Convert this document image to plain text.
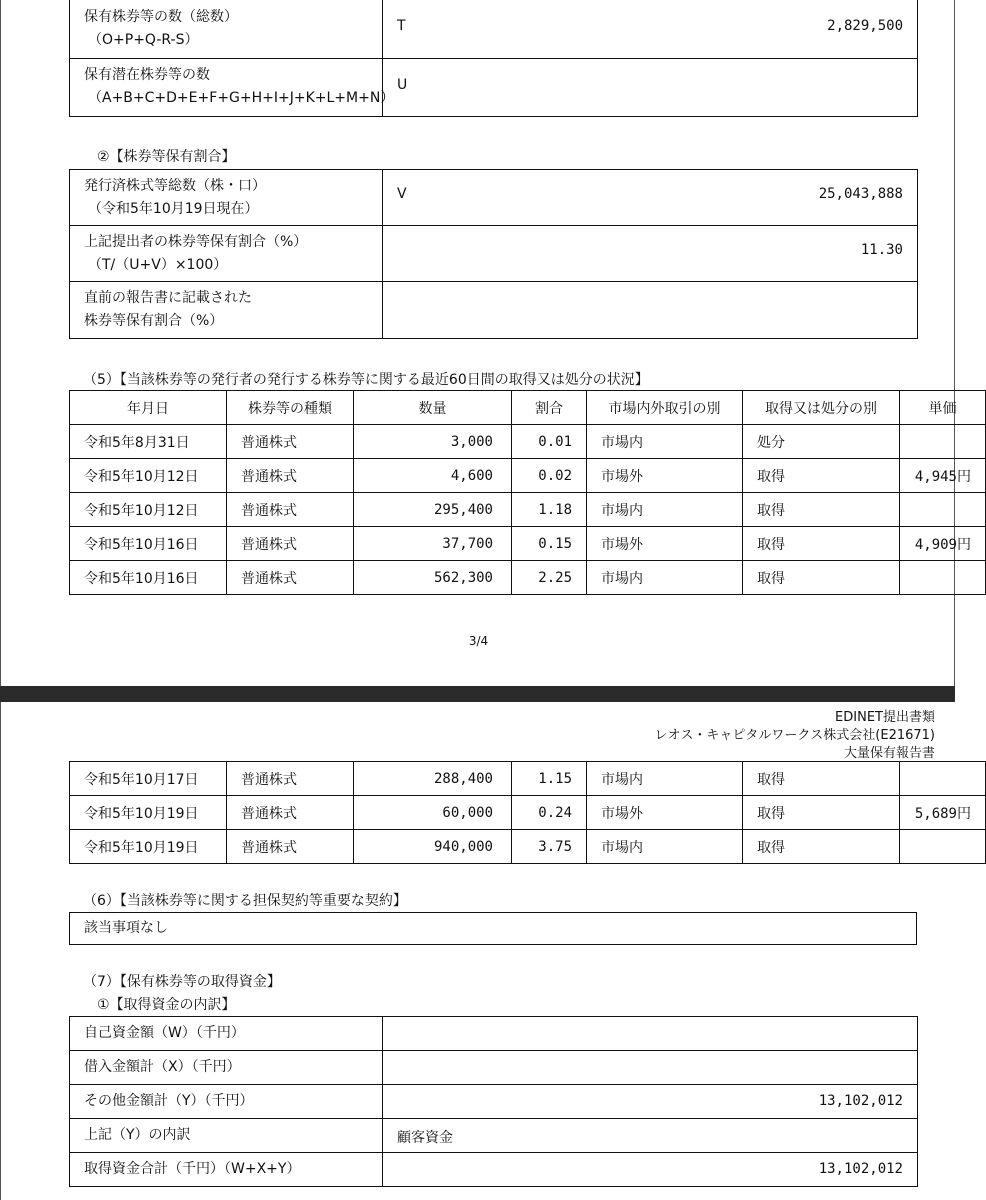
保有株券等の数（総数）
（O+P+Q-R-S）	T 2,829,500

保有潜在株券等の数
（A+B+C+D+E+F+G+H+I+J+K+L+M+N）	U
②【株券等保有割合】
発行済株式等総数（株・口）
（令和5年10月19日現在）	V 25,043,888

上記提出者の株券等保有割合（%）
（T/（U+V）×100）	11.30

直前の報告書に記載された
株券等保有割合（%）	
（5）【当該株券等の発行者の発行する株券等に関する最近60日間の取得又は処分の状況】
年月日	株券等の種類	数量	割合	市場内外取引の別	取得又は処分の別	単価
令和5年8月31日	普通株式	3,000	0.01	市場内	処分	
令和5年10月12日	普通株式	4,600	0.02	市場外	取得	4,945円
令和5年10月12日	普通株式	295,400	1.18	市場内	取得	
令和5年10月16日	普通株式	37,700	0.15	市場外	取得	4,909円
令和5年10月16日	普通株式	562,300	2.25	市場内	取得	
3/4
EDINET提出書類
レオス・キャピタルワークス株式会社(E21671)
大量保有報告書
令和5年10月17日	普通株式	288,400	1.15	市場内	取得	
令和5年10月19日	普通株式	60,000	0.24	市場外	取得	5,689円
令和5年10月19日	普通株式	940,000	3.75	市場内	取得	
（6）【当該株券等に関する担保契約等重要な契約】
該当事項なし
（7）【保有株券等の取得資金】
①【取得資金の内訳】
自己資金額（W）（千円）	
借入金額計（X）（千円）	
その他金額計（Y）（千円）	13,102,012

上記（Y）の内訳	顧客資金

取得資金合計（千円）（W+X+Y）	13,102,012
